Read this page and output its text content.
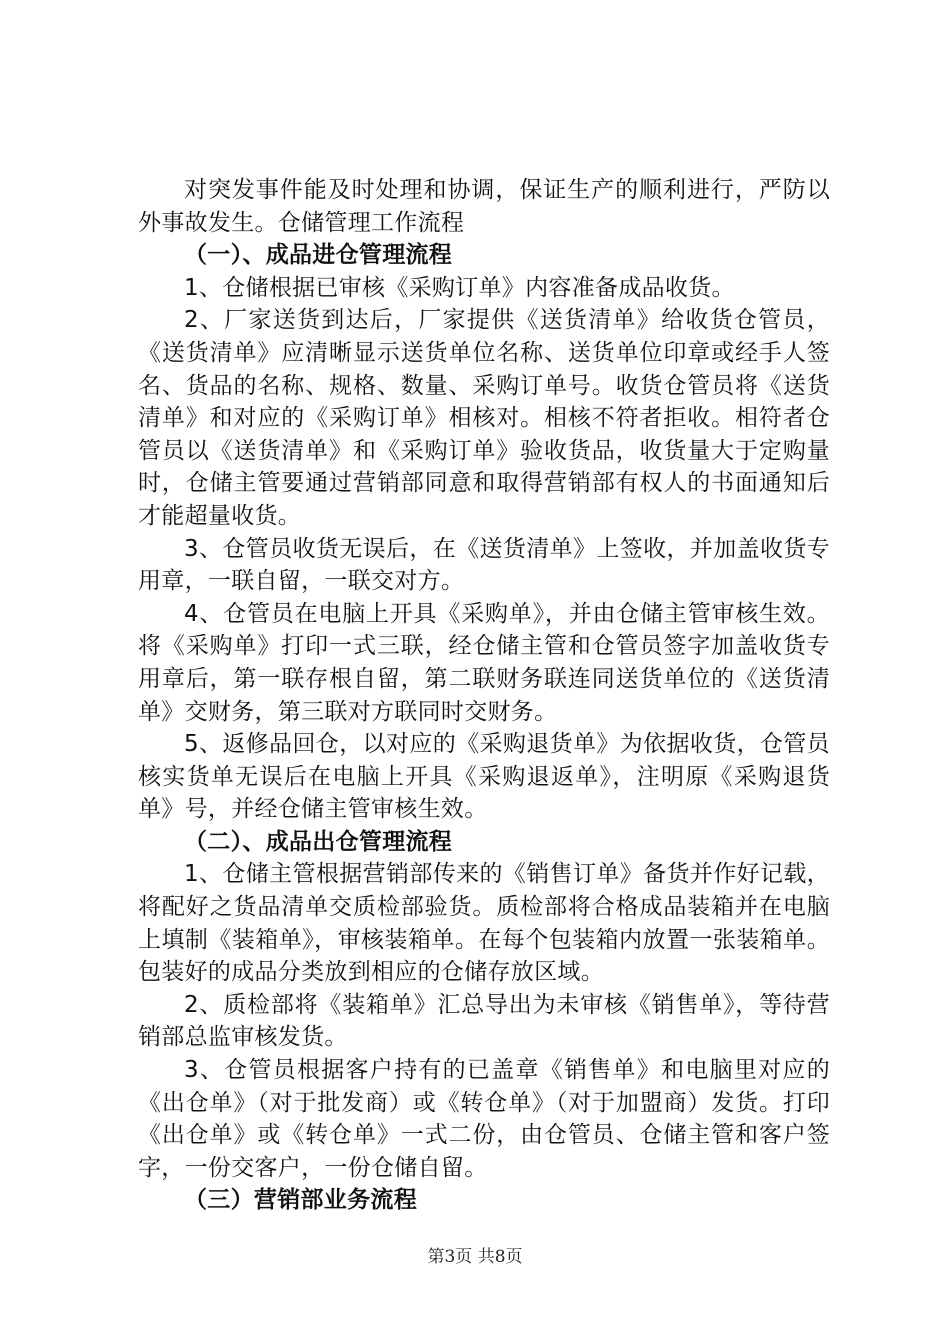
对突发事件能及时处理和协调，保证生产的顺利进行，严防以外事故发生。仓储管理工作流程

（一）、成品进仓管理流程

1、仓储根据已审核《采购订单》内容准备成品收货。

2、厂家送货到达后，厂家提供《送货清单》给收货仓管员，《送货清单》应清晰显示送货单位名称、送货单位印章或经手人签名、货品的名称、规格、数量、采购订单号。收货仓管员将《送货清单》和对应的《采购订单》相核对。相核不符者拒收。相符者仓管员以《送货清单》和《采购订单》验收货品，收货量大于定购量时，仓储主管要通过营销部同意和取得营销部有权人的书面通知后才能超量收货。

3、仓管员收货无误后，在《送货清单》上签收，并加盖收货专用章，一联自留，一联交对方。

4、仓管员在电脑上开具《采购单》，并由仓储主管审核生效。将《采购单》打印一式三联，经仓储主管和仓管员签字加盖收货专用章后，第一联存根自留，第二联财务联连同送货单位的《送货清单》交财务，第三联对方联同时交财务。

5、返修品回仓，以对应的《采购退货单》为依据收货，仓管员核实货单无误后在电脑上开具《采购退返单》，注明原《采购退货单》号，并经仓储主管审核生效。

（二）、成品出仓管理流程

1、仓储主管根据营销部传来的《销售订单》备货并作好记载，将配好之货品清单交质检部验货。质检部将合格成品装箱并在电脑上填制《装箱单》，审核装箱单。在每个包装箱内放置一张装箱单。包装好的成品分类放到相应的仓储存放区域。

2、质检部将《装箱单》汇总导出为未审核《销售单》，等待营销部总监审核发货。

3、仓管员根据客户持有的已盖章《销售单》和电脑里对应的《出仓单》（对于批发商）或《转仓单》（对于加盟商）发货。打印《出仓单》或《转仓单》一式二份，由仓管员、仓储主管和客户签字，一份交客户，一份仓储自留。

（三）营销部业务流程

第3页 共8页
